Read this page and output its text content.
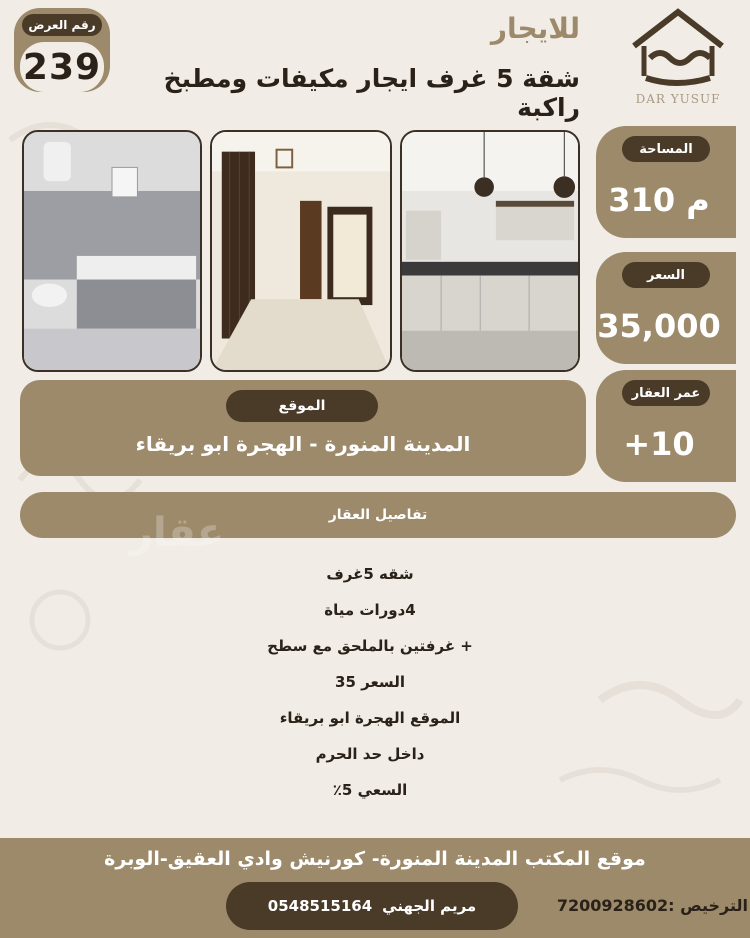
رقم العرض
239
للايجار
شقة 5 غرف ايجار مكيفات ومطبخ راكبة	DAR YUSUF
المساحة
310 م
السعر
35,000
عمر العقار
+10
الموقع
المدينة المنورة - الهجرة ابو بريقاء
تفاصيل العقار
عقار
شقه 5غرف
4دورات مياة
+ غرفتين بالملحق مع سطح
السعر 35
الموقع الهجرة ابو بريقاء
داخل حد الحرم
السعي 5٪
موقع المكتب المدينة المنورة- كورنيش وادي العقيق-الوبرة
مريم الجهني
0548515164	الترخيص :7200928602
